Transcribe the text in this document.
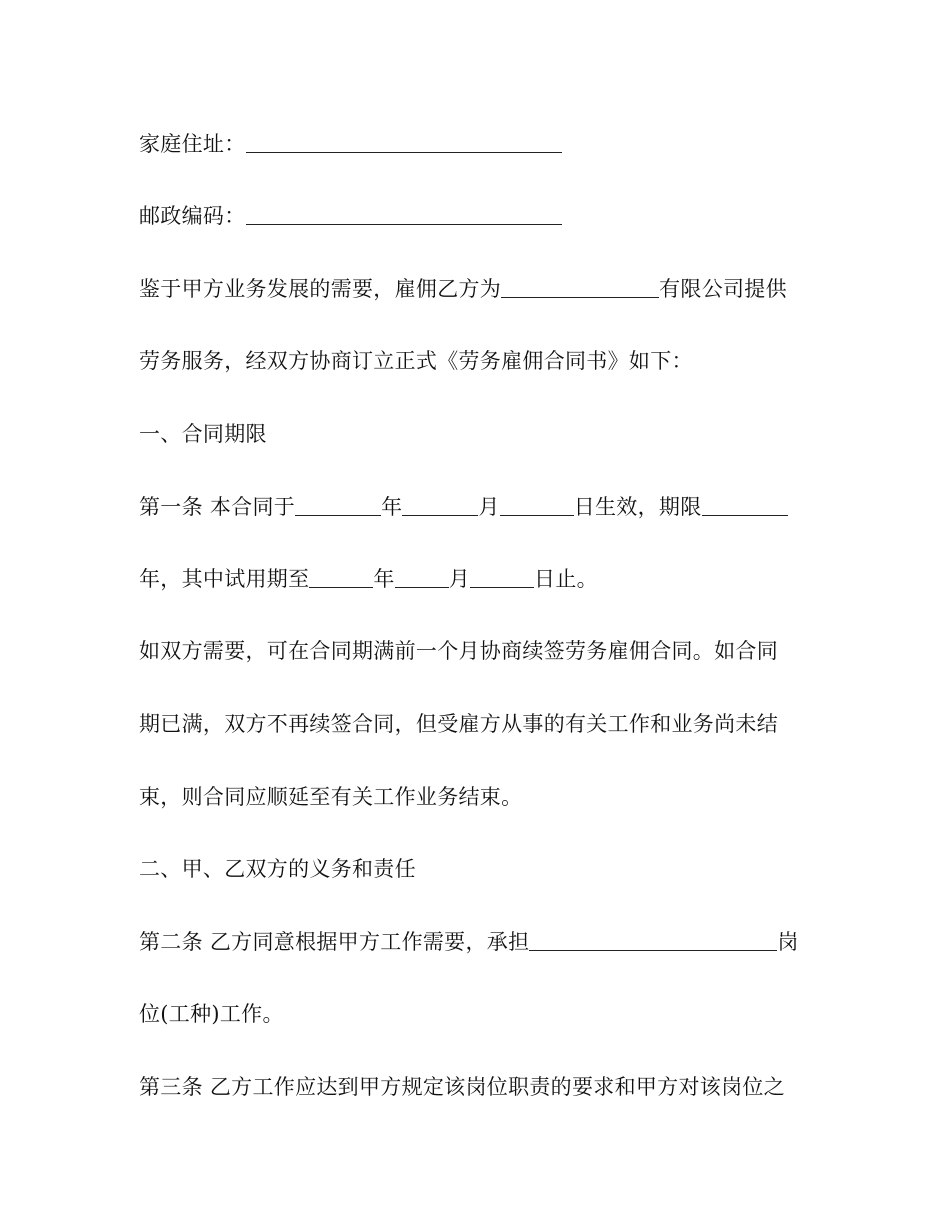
家庭住址：
邮政编码：
鉴于甲方业务发展的需要，雇佣乙方为	有限公司提供
劳务服务，经双方协商订立正式《劳务雇佣合同书》如下：
一、合同期限
第一条 本合同于	年	月	日生效，期限
年，其中试用期至	年	月	日止。
如双方需要，可在合同期满前一个月协商续签劳务雇佣合同。如合同
期已满，双方不再续签合同，但受雇方从事的有关工作和业务尚未结
束，则合同应顺延至有关工作业务结束。
二、甲、乙双方的义务和责任
第二条 乙方同意根据甲方工作需要，承担	岗
位(工种)工作。
第三条 乙方工作应达到甲方规定该岗位职责的要求和甲方对该岗位之
